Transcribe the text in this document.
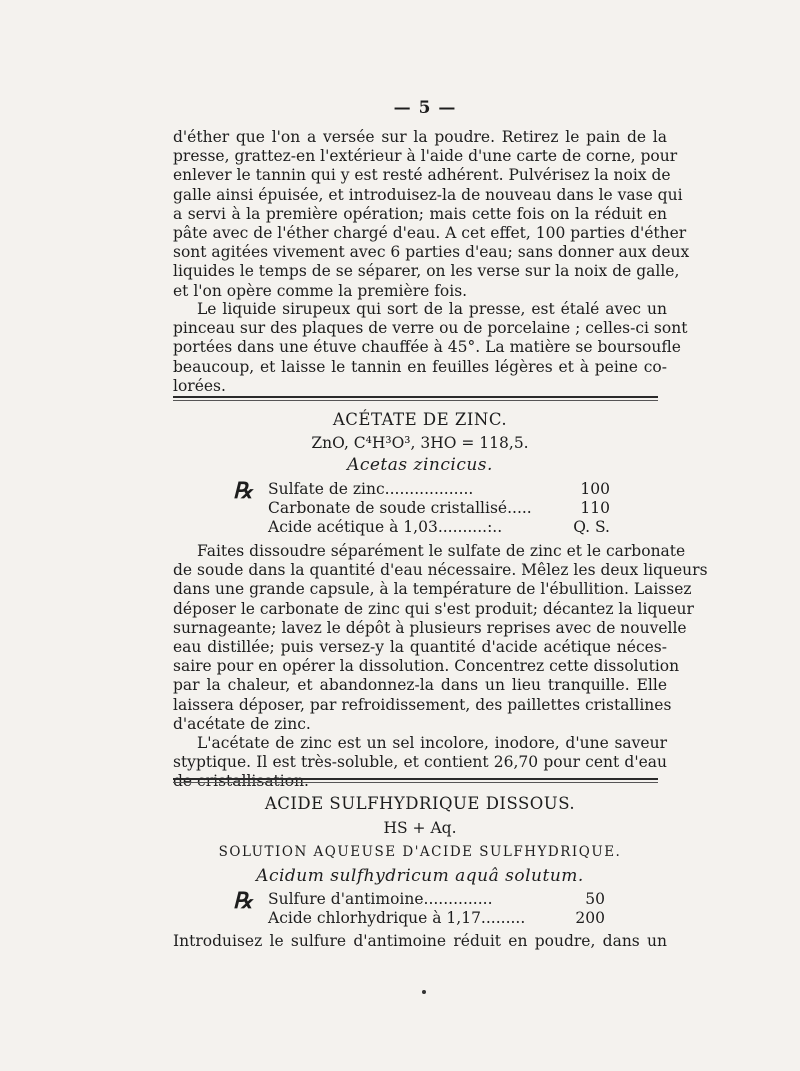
— 5 —
d'éther que l'on a versée sur la poudre. Retirez le pain de la
presse, grattez-en l'extérieur à l'aide d'une carte de corne, pour
enlever le tannin qui y est resté adhérent. Pulvérisez la noix de
galle ainsi épuisée, et introduisez-la de nouveau dans le vase qui
a servi à la première opération; mais cette fois on la réduit en
pâte avec de l'éther chargé d'eau. A cet effet, 100 parties d'éther
sont agitées vivement avec 6 parties d'eau; sans donner aux deux
liquides le temps de se séparer, on les verse sur la noix de galle,
et l'on opère comme la première fois.
Le liquide sirupeux qui sort de la presse, est étalé avec un
pinceau sur des plaques de verre ou de porcelaine ; celles-ci sont
portées dans une étuve chauffée à 45°. La matière se boursoufle
beaucoup, et laisse le tannin en feuilles légères et à peine co-
lorées.
ACÉTATE DE ZINC.
ZnO, C⁴H³O³, 3HO = 118,5.
Acetas zincicus.
℞ Sulfate de zinc..................	100
Carbonate de soude cristallisé.....	110
Acide acétique à 1,03..........:..	Q. S.
Faites dissoudre séparément le sulfate de zinc et le carbonate
de soude dans la quantité d'eau nécessaire. Mêlez les deux liqueurs
dans une grande capsule, à la température de l'ébullition. Laissez
déposer le carbonate de zinc qui s'est produit; décantez la liqueur
surnageante; lavez le dépôt à plusieurs reprises avec de nouvelle
eau distillée; puis versez-y la quantité d'acide acétique néces-
saire pour en opérer la dissolution. Concentrez cette dissolution
par la chaleur, et abandonnez-la dans un lieu tranquille. Elle
laissera déposer, par refroidissement, des paillettes cristallines
d'acétate de zinc.
L'acétate de zinc est un sel incolore, inodore, d'une saveur
styptique. Il est très-soluble, et contient 26,70 pour cent d'eau
ACIDE SULFHYDRIQUE DISSOUS.
HS + Aq.
SOLUTION AQUEUSE D'ACIDE SULFHYDRIQUE.
Acidum sulfhydricum aquâ solutum.
℞ Sulfure d'antimoine..............	50
Acide chlorhydrique à 1,17.........	200
Introduisez le sulfure d'antimoine réduit en poudre, dans un
